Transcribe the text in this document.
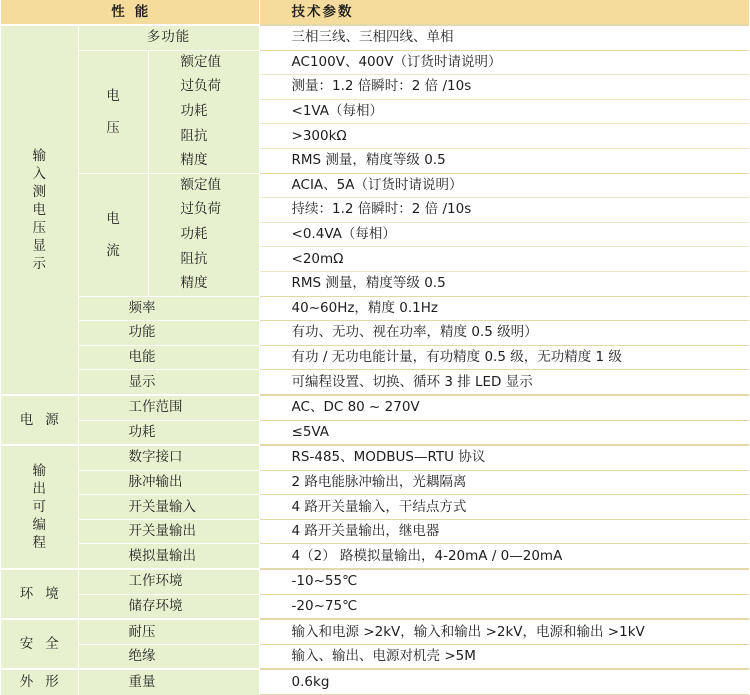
性能			技术参数
输入测电压显示	多功能		三相三线、三相四线、单相
	电压	额定值	AC100V、400V（订货时请说明）
		过负荷	测量：1.2 倍瞬时：2 倍 /10s
		功耗	<1VA（每相）
		阻抗	>300kΩ
		精度	RMS 测量，精度等级 0.5
	电流	额定值	ACIA、5A（订货时请说明）
		过负荷	持续：1.2 倍瞬时：2 倍 /10s
		功耗	<0.4VA（每相）
		阻抗	<20mΩ
		精度	RMS 测量，精度等级 0.5
	频率		40~60Hz，精度 0.1Hz
	功能		有功、无功、视在功率，精度 0.5 级明）
	电能		有功 / 无功电能计量，有功精度 0.5 级，无功精度 1 级
	显示		可编程设置、切换、循环 3 排 LED 显示
电源	工作范围		AC、DC 80 ~ 270V
	功耗		≤5VA
输出可编程	数字接口		RS-485、MODBUS—RTU 协议
	脉冲输出		2 路电能脉冲输出，光耦隔离
	开关量输入		4 路开关量输入，干结点方式
	开关量输出		4 路开关量输出，继电器
	模拟量输出		4（2） 路模拟量输出，4-20mA / 0—20mA
环境	工作环境		-10~55℃
	储存环境		-20~75℃
安全	耐压		输入和电源 >2kV，输入和输出 >2kV，电源和输出 >1kV
	绝缘		输入、输出、电源对机壳 >5M
外形	重量		0.6kg
